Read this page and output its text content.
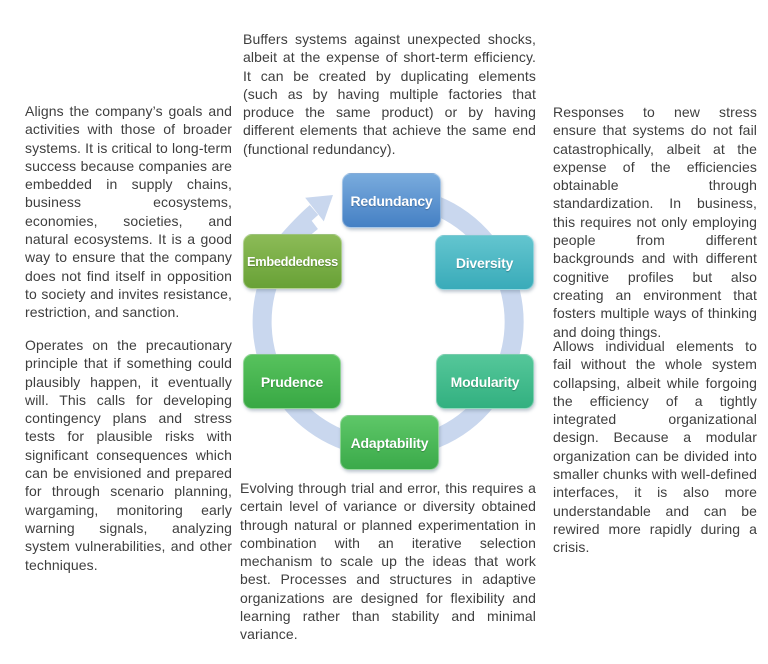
Buffers systems against unexpected shocks, albeit at the expense of short-term efficiency. It can be created by duplicating elements (such as by having multiple factories that produce the same product) or by having different elements that achieve the same end (functional redundancy).
Aligns the company’s goals and activities with those of broader systems. It is critical to long-term success because companies are embedded in supply chains, business ecosystems, economies, societies, and natural ecosystems. It is a good way to ensure that the company does not find itself in opposition to society and invites resistance, restriction, and sanction.
Operates on the precautionary principle that if something could plausibly happen, it eventually will. This calls for developing contingency plans and stress tests for plausible risks with significant consequences which can be envisioned and prepared for through scenario planning, wargaming, monitoring early warning signals, analyzing system vulnerabilities, and other techniques.
Responses to new stress ensure that systems do not fail catastrophically, albeit at the expense of the efficiencies obtainable through standardization. In business, this requires not only employing people from different backgrounds and with different cognitive profiles but also creating an environment that fosters multiple ways of thinking and doing things.
Allows individual elements to fail without the whole system collapsing, albeit while forgoing the efficiency of a tightly integrated organizational design. Because a modular organization can be divided into smaller chunks with well-defined interfaces, it is also more understandable and can be rewired more rapidly during a crisis.
Evolving through trial and error, this requires a certain level of variance or diversity obtained through natural or planned experimentation in combination with an iterative selection mechanism to scale up the ideas that work best. Processes and structures in adaptive organizations are designed for flexibility and learning rather than stability and minimal variance.
Redundancy
Diversity
Modularity
Adaptability
Prudence
Embeddedness
